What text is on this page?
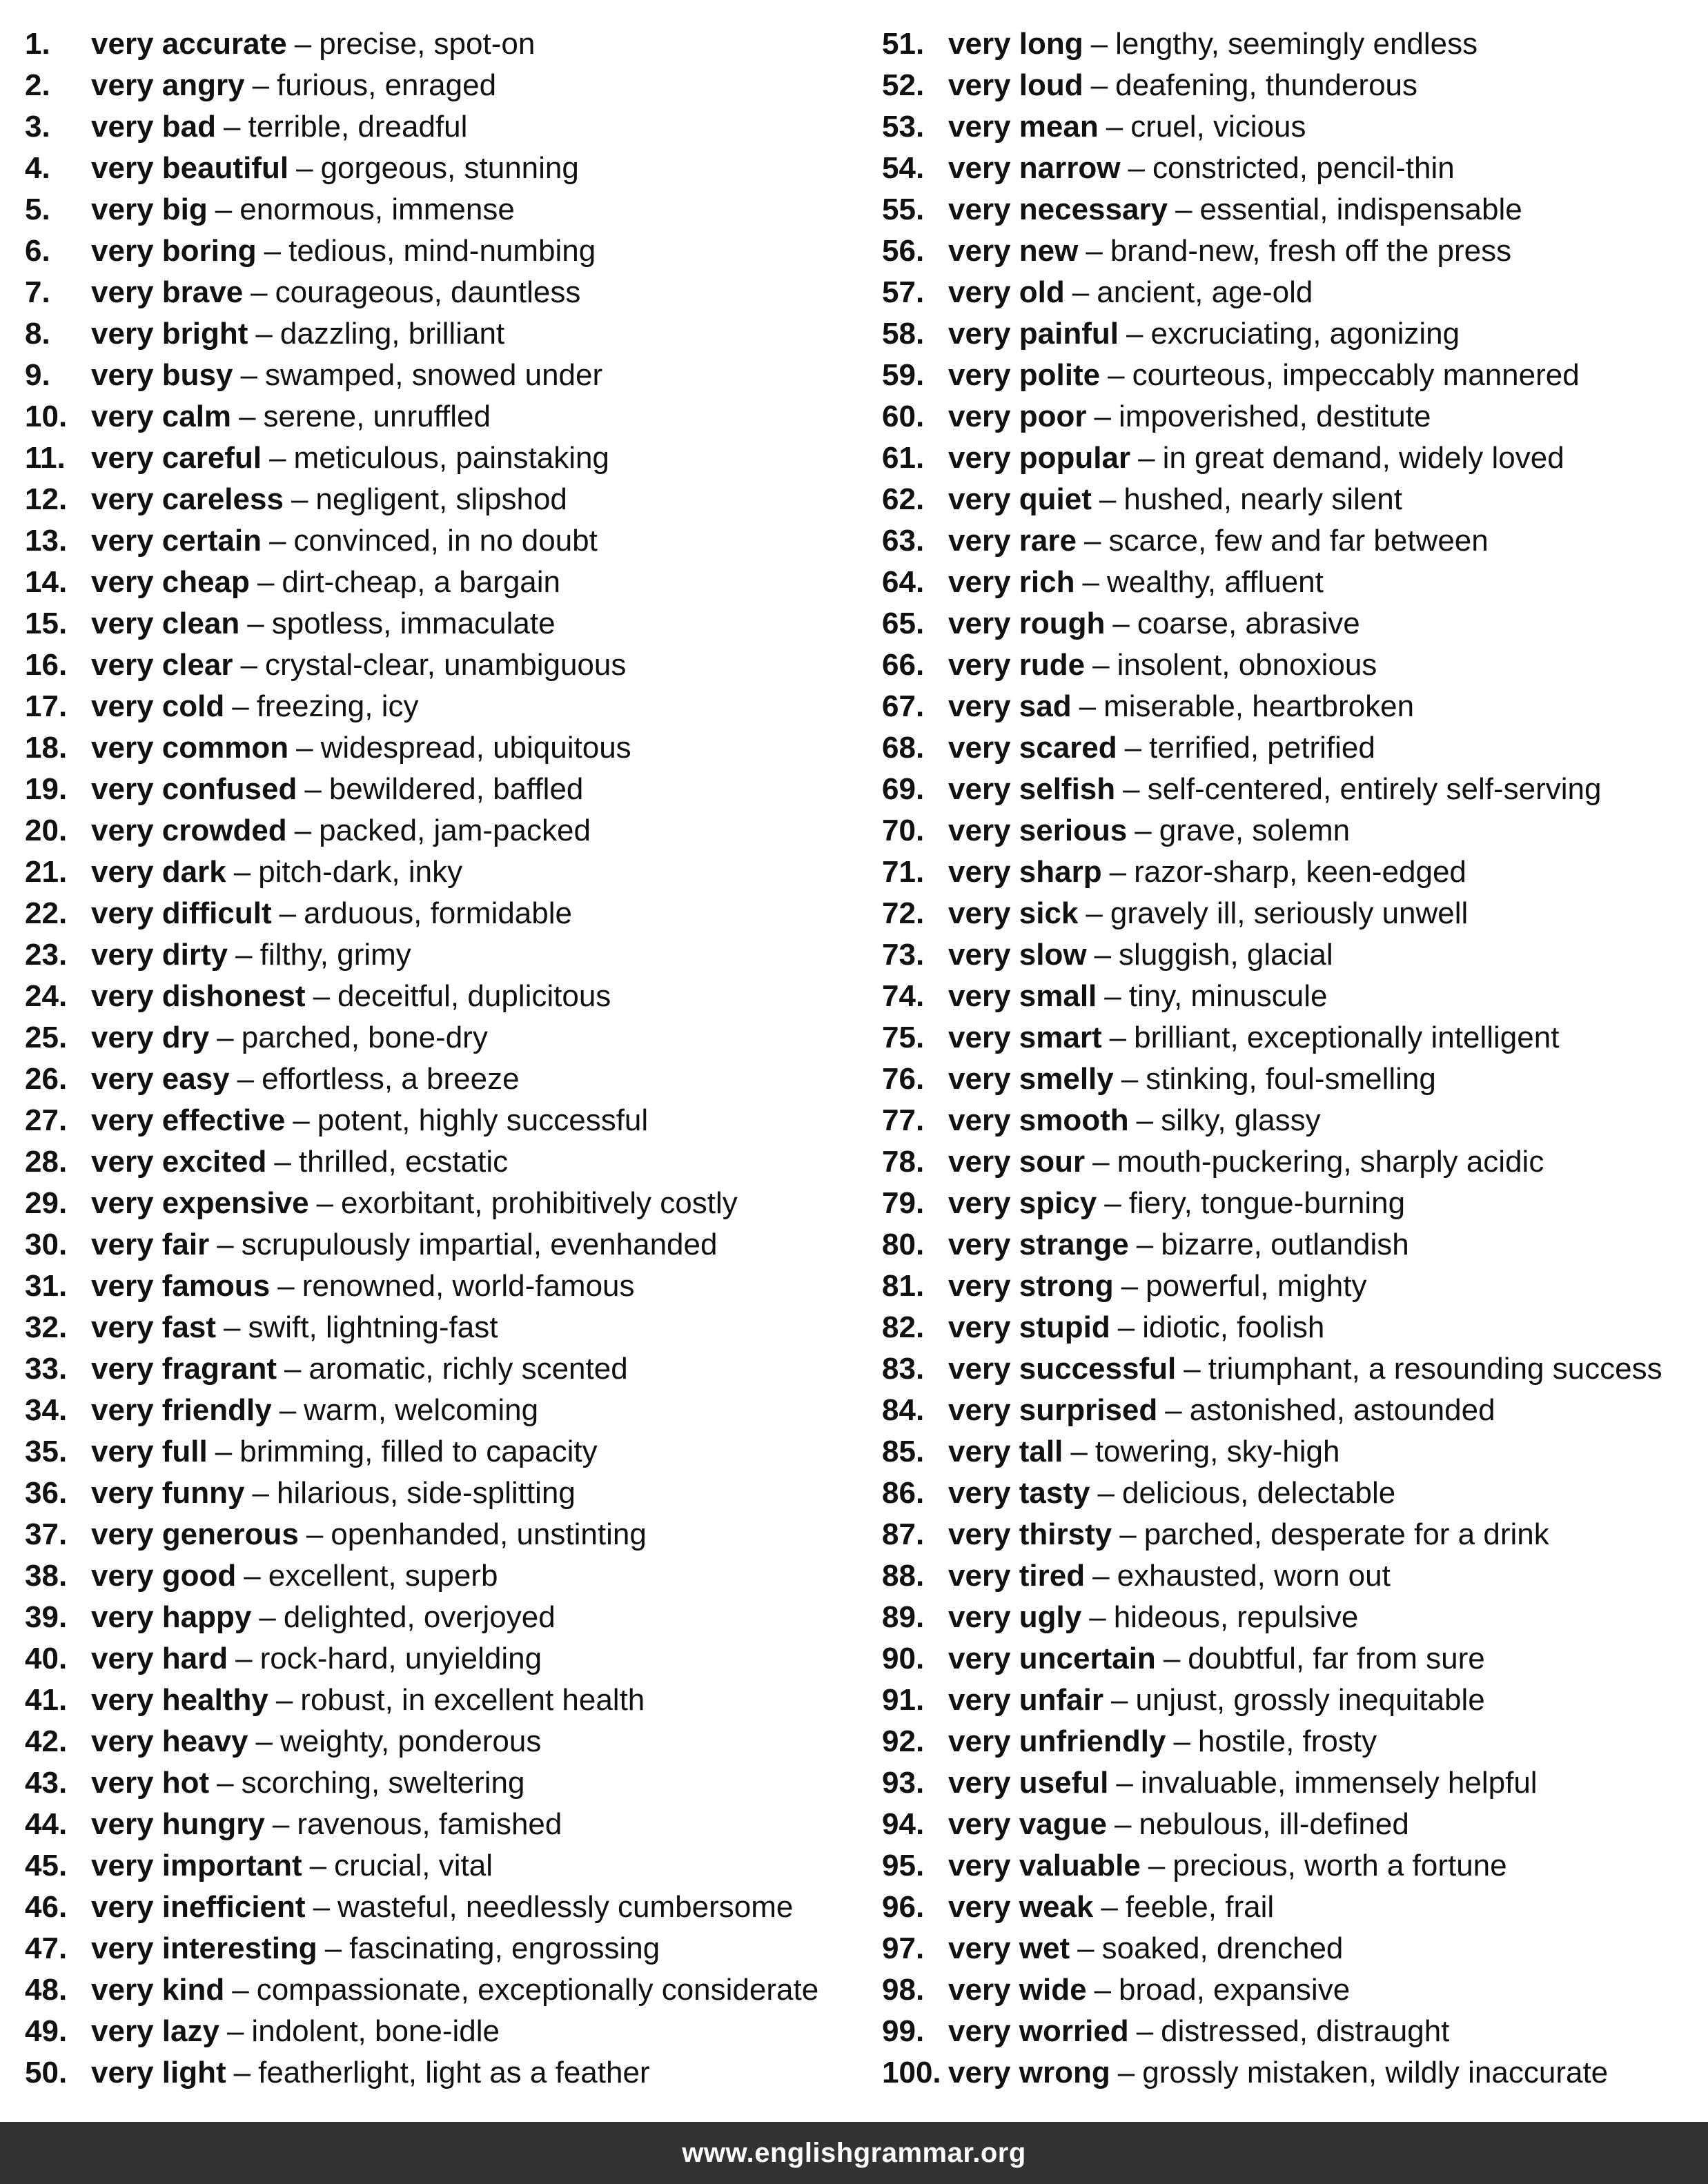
1.	very accurate – precise, spot-on
2.	very angry – furious, enraged
3.	very bad – terrible, dreadful
4.	very beautiful – gorgeous, stunning
5.	very big – enormous, immense
6.	very boring – tedious, mind-numbing
7.	very brave – courageous, dauntless
8.	very bright – dazzling, brilliant
9.	very busy – swamped, snowed under
10. very calm – serene, unruffled
11. very careful – meticulous, painstaking
12. very careless – negligent, slipshod
13. very certain – convinced, in no doubt
14. very cheap – dirt-cheap, a bargain
15. very clean – spotless, immaculate
16. very clear – crystal-clear, unambiguous
17. very cold – freezing, icy
18. very common – widespread, ubiquitous
19. very confused – bewildered, baffled
20. very crowded – packed, jam-packed
21. very dark – pitch-dark, inky
22. very difficult – arduous, formidable
23. very dirty – filthy, grimy
24. very dishonest – deceitful, duplicitous
25. very dry – parched, bone-dry
26. very easy – effortless, a breeze
27. very effective – potent, highly successful
28. very excited – thrilled, ecstatic
29. very expensive – exorbitant, prohibitively costly
30. very fair – scrupulously impartial, evenhanded
31. very famous – renowned, world-famous
32. very fast – swift, lightning-fast
33. very fragrant – aromatic, richly scented
34. very friendly – warm, welcoming
35. very full – brimming, filled to capacity
36. very funny – hilarious, side-splitting
37. very generous – openhanded, unstinting
38. very good – excellent, superb
39. very happy – delighted, overjoyed
40. very hard – rock-hard, unyielding
41. very healthy – robust, in excellent health
42. very heavy – weighty, ponderous
43. very hot – scorching, sweltering
44. very hungry – ravenous, famished
45. very important – crucial, vital
46. very inefficient – wasteful, needlessly cumbersome
47. very interesting – fascinating, engrossing
48. very kind – compassionate, exceptionally considerate
49. very lazy – indolent, bone-idle
50. very light – featherlight, light as a feather
51. very long – lengthy, seemingly endless
52. very loud – deafening, thunderous
53. very mean – cruel, vicious
54. very narrow – constricted, pencil-thin
55. very necessary – essential, indispensable
56. very new – brand-new, fresh off the press
57. very old – ancient, age-old
58. very painful – excruciating, agonizing
59. very polite – courteous, impeccably mannered
60. very poor – impoverished, destitute
61. very popular – in great demand, widely loved
62. very quiet – hushed, nearly silent
63. very rare – scarce, few and far between
64. very rich – wealthy, affluent
65. very rough – coarse, abrasive
66. very rude – insolent, obnoxious
67. very sad – miserable, heartbroken
68. very scared – terrified, petrified
69. very selfish – self-centered, entirely self-serving
70. very serious – grave, solemn
71. very sharp – razor-sharp, keen-edged
72. very sick – gravely ill, seriously unwell
73. very slow – sluggish, glacial
74. very small – tiny, minuscule
75. very smart – brilliant, exceptionally intelligent
76. very smelly – stinking, foul-smelling
77. very smooth – silky, glassy
78. very sour – mouth-puckering, sharply acidic
79. very spicy – fiery, tongue-burning
80. very strange – bizarre, outlandish
81. very strong – powerful, mighty
82. very stupid – idiotic, foolish
83. very successful – triumphant, a resounding success
84. very surprised – astonished, astounded
85. very tall – towering, sky-high
86. very tasty – delicious, delectable
87. very thirsty – parched, desperate for a drink
88. very tired – exhausted, worn out
89. very ugly – hideous, repulsive
90. very uncertain – doubtful, far from sure
91. very unfair – unjust, grossly inequitable
92. very unfriendly – hostile, frosty
93. very useful – invaluable, immensely helpful
94. very vague – nebulous, ill-defined
95. very valuable – precious, worth a fortune
96. very weak – feeble, frail
97. very wet – soaked, drenched
98. very wide – broad, expansive
99. very worried – distressed, distraught
100. very wrong – grossly mistaken, wildly inaccurate
www.englishgrammar.org
